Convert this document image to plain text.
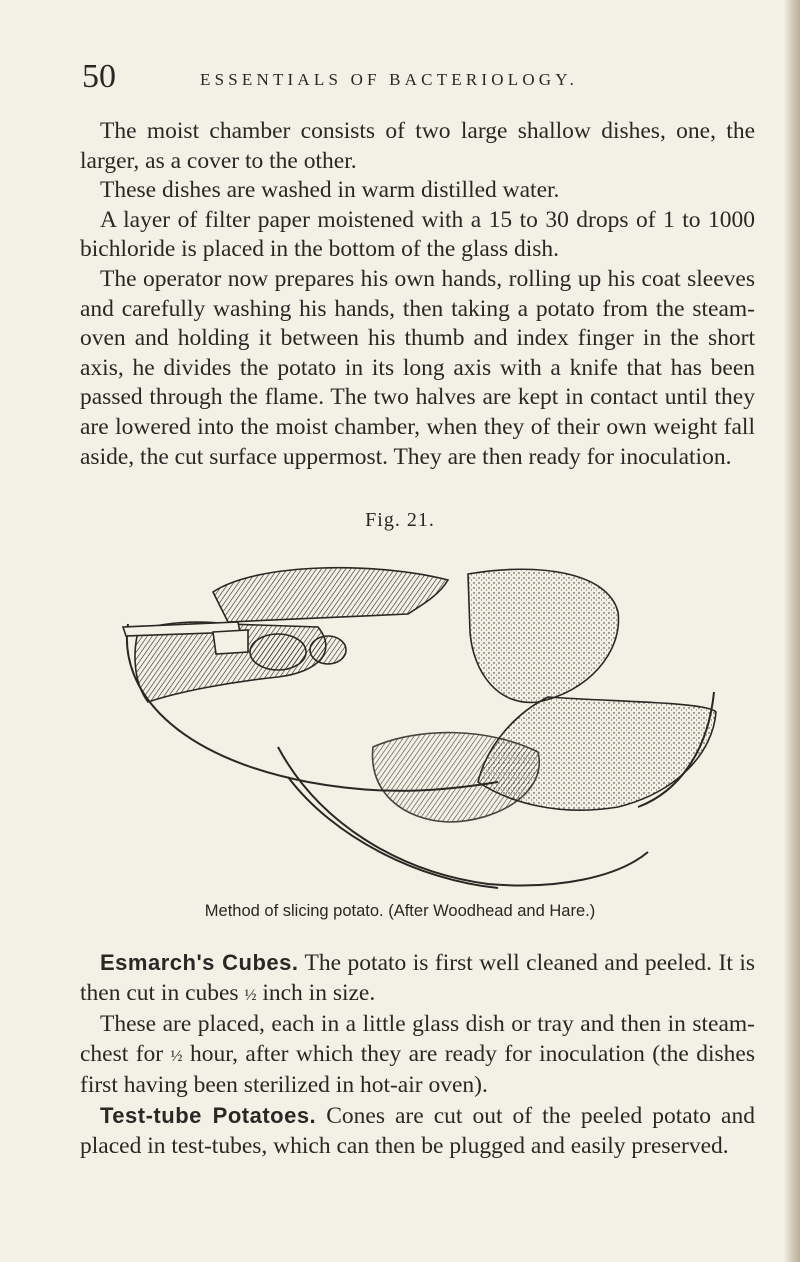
50	ESSENTIALS OF BACTERIOLOGY.

The moist chamber consists of two large shallow dishes, one, the larger, as a cover to the other.

These dishes are washed in warm distilled water.

A layer of filter paper moistened with a 15 to 30 drops of 1 to 1000 bichloride is placed in the bottom of the glass dish.

The operator now prepares his own hands, rolling up his coat sleeves and carefully washing his hands, then taking a potato from the steam-oven and holding it between his thumb and index finger in the short axis, he divides the potato in its long axis with a knife that has been passed through the flame. The two halves are kept in contact until they are lowered into the moist chamber, when they of their own weight fall aside, the cut surface uppermost. They are then ready for inoculation.

Fig. 21.
Method of slicing potato. (After Woodhead and Hare.)

Esmarch's Cubes. The potato is first well cleaned and peeled. It is then cut in cubes ½ inch in size.

These are placed, each in a little glass dish or tray and then in steam-chest for ½ hour, after which they are ready for inoculation (the dishes first having been sterilized in hot-air oven).

Test-tube Potatoes. Cones are cut out of the peeled potato and placed in test-tubes, which can then be plugged and easily preserved.
